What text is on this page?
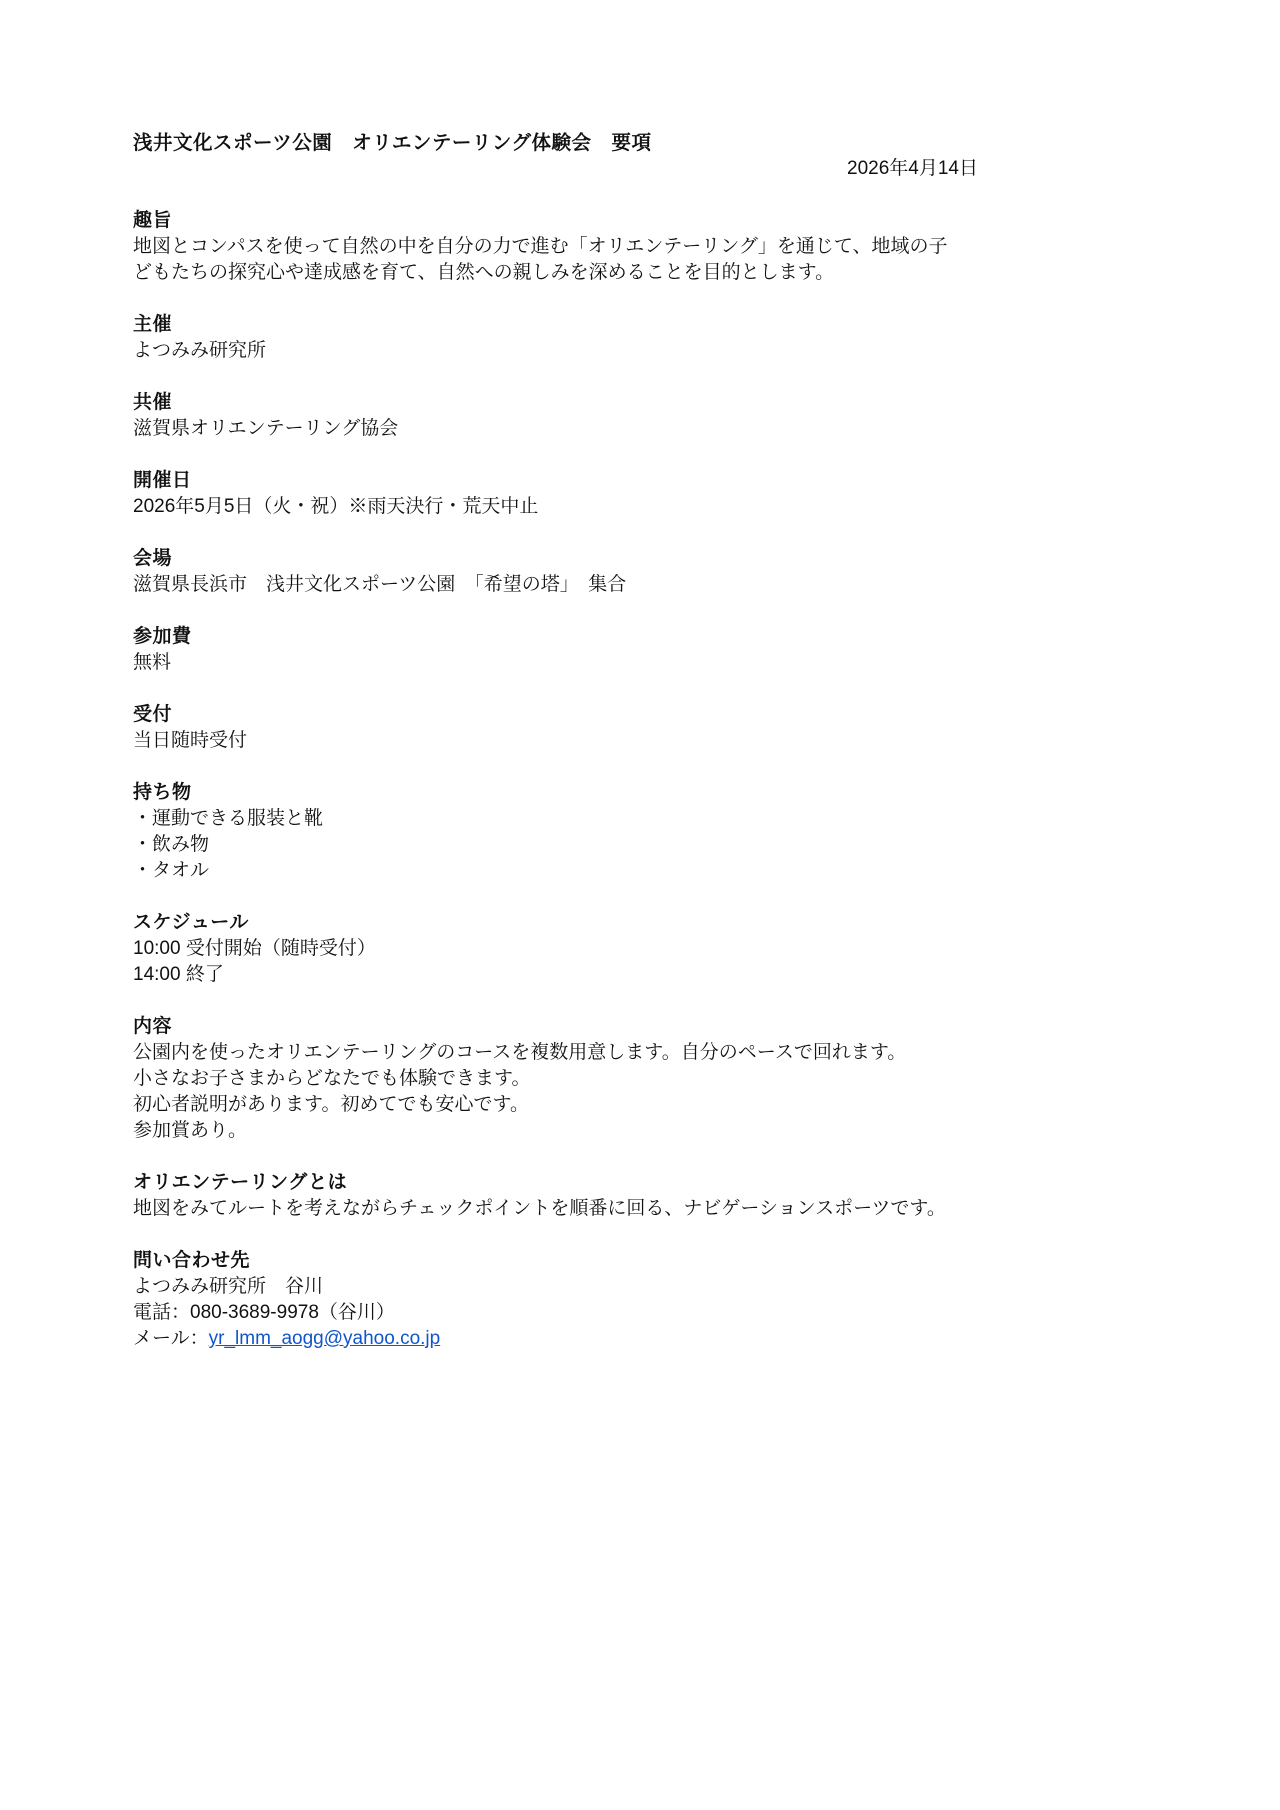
浅井文化スポーツ公園　オリエンテーリング体験会　要項
2026年4月14日
趣旨

地図とコンパスを使って自然の中を自分の力で進む「オリエンテーリング」を通じて、地域の子

どもたちの探究心や達成感を育て、自然への親しみを深めることを目的とします。

主催

よつみみ研究所

共催

滋賀県オリエンテーリング協会

開催日

2026年5月5日（火・祝）※雨天決行・荒天中止

会場

滋賀県長浜市　浅井文化スポーツ公園　「希望の塔」　集合

参加費

無料

受付

当日随時受付

持ち物

・運動できる服装と靴

・飲み物

・タオル

スケジュール

10:00 受付開始（随時受付）

14:00 終了

内容

公園内を使ったオリエンテーリングのコースを複数用意します。自分のペースで回れます。

小さなお子さまからどなたでも体験できます。

初心者説明があります。初めてでも安心です。

参加賞あり。

オリエンテーリングとは

地図をみてルートを考えながらチェックポイントを順番に回る、ナビゲーションスポーツです。

問い合わせ先

よつみみ研究所　谷川

電話：080-3689-9978（谷川）

メール：yr_lmm_aogg@yahoo.co.jp
